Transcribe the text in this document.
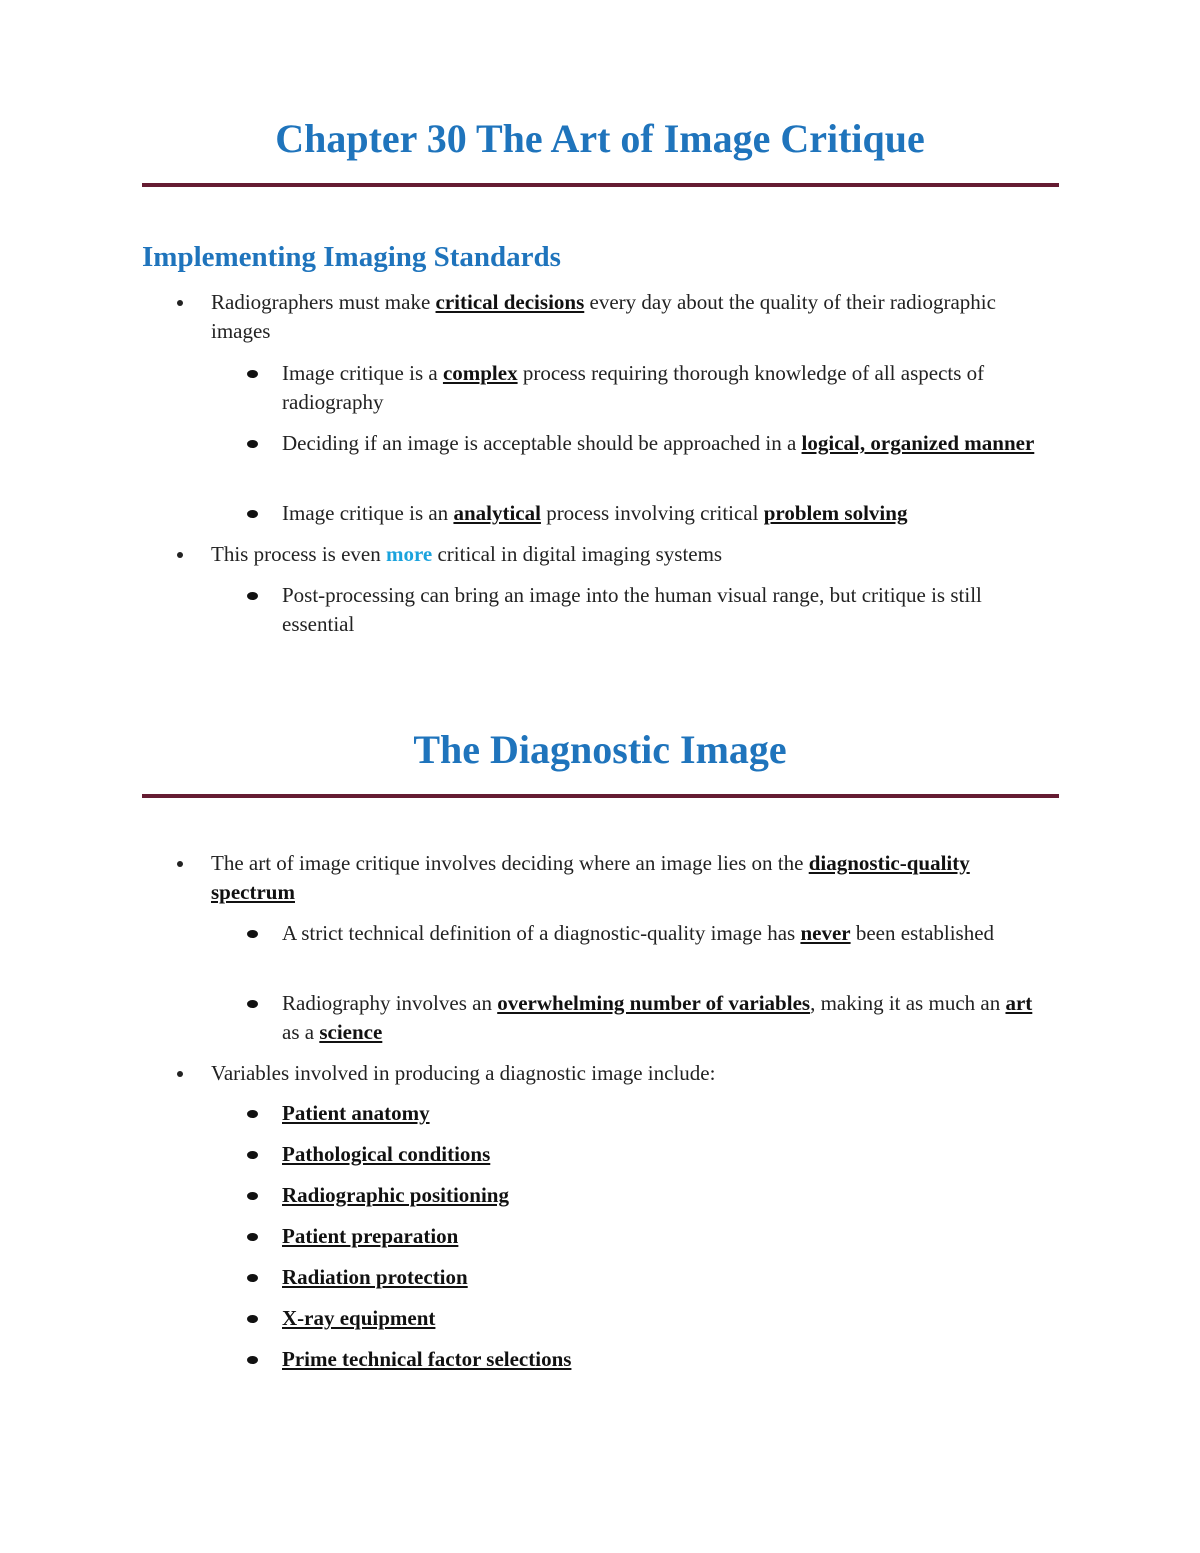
Chapter 30 The Art of Image Critique
Implementing Imaging Standards
Radiographers must make critical decisions every day about the quality of their radiographic images
Image critique is a complex process requiring thorough knowledge of all aspects of radiography
Deciding if an image is acceptable should be approached in a logical, organized manner
Image critique is an analytical process involving critical problem solving
This process is even more critical in digital imaging systems
Post-processing can bring an image into the human visual range, but critique is still essential
The Diagnostic Image
The art of image critique involves deciding where an image lies on the diagnostic-quality spectrum
A strict technical definition of a diagnostic-quality image has never been established
Radiography involves an overwhelming number of variables, making it as much an art as a science
Variables involved in producing a diagnostic image include:
Patient anatomy
Pathological conditions
Radiographic positioning
Patient preparation
Radiation protection
X-ray equipment
Prime technical factor selections
